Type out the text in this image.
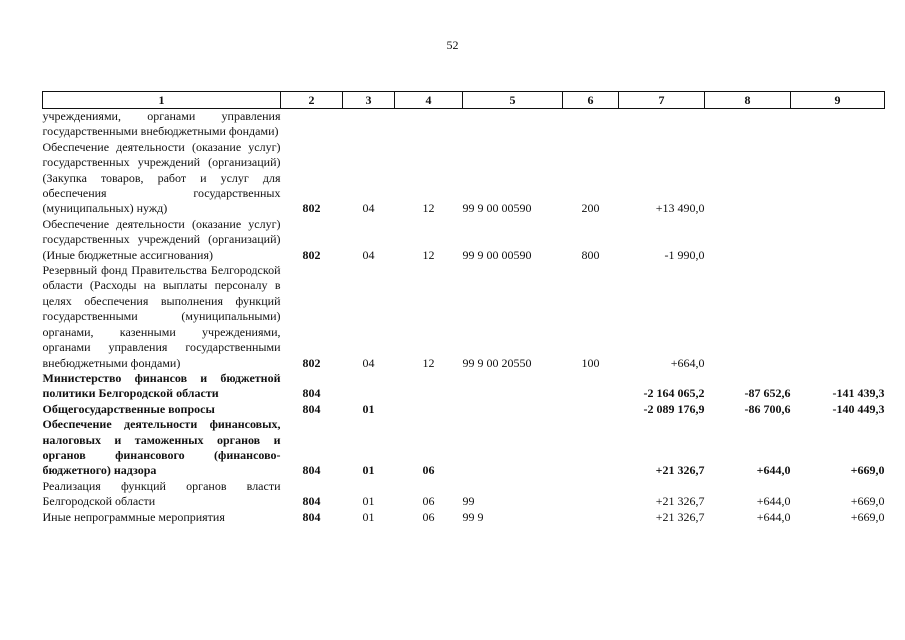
52
1	2	3	4	5	6	7	8	9
учреждениями, органами управления государственными внебюджетными фондами)								
Обеспечение деятельности (оказание услуг) государственных учреждений (организаций) (Закупка товаров, работ и услуг для обеспечения государственных (муниципальных) нужд)	802	04	12	99 9 00 00590	200	+13 490,0		
Обеспечение деятельности (оказание услуг) государственных учреждений (организаций) (Иные бюджетные ассигнования)	802	04	12	99 9 00 00590	800	-1 990,0		
Резервный фонд Правительства Белгородской области (Расходы на выплаты персоналу в целях обеспечения выполнения функций государственными (муниципальными) органами, казенными учреждениями, органами управления государственными внебюджетными фондами)	802	04	12	99 9 00 20550	100	+664,0		
Министерство финансов и бюджетной политики Белгородской области	804					-2 164 065,2	-87 652,6	-141 439,3
Общегосударственные вопросы	804	01				-2 089 176,9	-86 700,6	-140 449,3
Обеспечение деятельности финансовых, налоговых и таможенных органов и органов финансового (финансово-бюджетного) надзора	804	01	06			+21 326,7	+644,0	+669,0
Реализация функций органов власти Белгородской области	804	01	06	99		+21 326,7	+644,0	+669,0
Иные непрограммные мероприятия	804	01	06	99 9		+21 326,7	+644,0	+669,0
